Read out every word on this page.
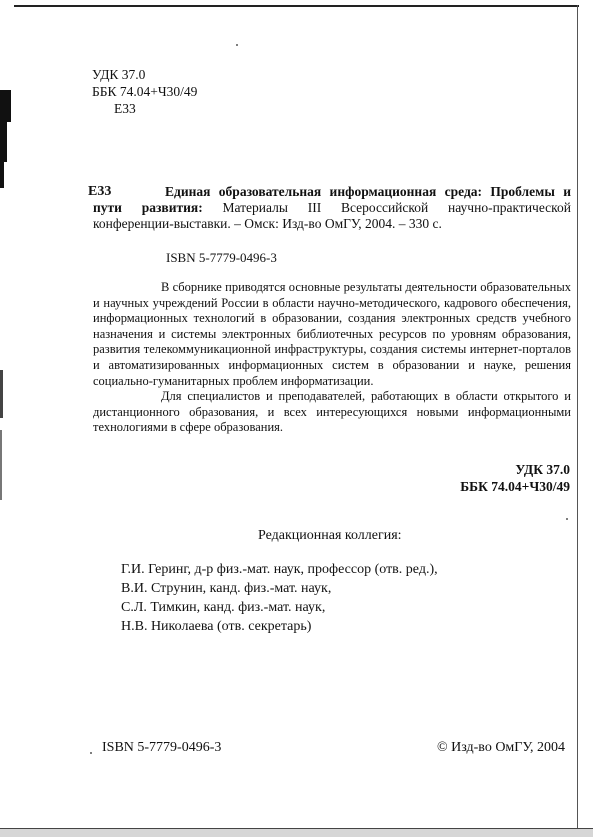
УДК 37.0
ББК 74.04+Ч30/49
Е33
Е33	Единая образовательная информационная среда: Проблемы и пути развития: Материалы III Всероссийской научно-практической конференции-выставки. – Омск: Изд-во ОмГУ, 2004. – 330 с.
ISBN 5-7779-0496-3

В сборнике приводятся основные результаты деятельности образовательных и научных учреждений России в области научно-методического, кадрового обеспечения, информационных технологий в образовании, создания электронных средств учебного назначения и системы электронных библиотечных ресурсов по уровням образования, развития телекоммуникационной инфраструктуры, создания системы интернет-порталов и автоматизированных информационных систем в образовании и науке, решения социально-гуманитарных проблем информатизации.

Для специалистов и преподавателей, работающих в области открытого и дистанционного образования, и всех интересующихся новыми информационными технологиями в сфере образования.

УДК 37.0
ББК 74.04+Ч30/49
Редакционная коллегия:
Г.И. Геринг, д-р физ.-мат. наук, профессор (отв. ред.),
В.И. Струнин, канд. физ.-мат. наук,
С.Л. Тимкин, канд. физ.-мат. наук,
Н.В. Николаева (отв. секретарь)
ISBN 5-7779-0496-3	© Изд-во ОмГУ, 2004
